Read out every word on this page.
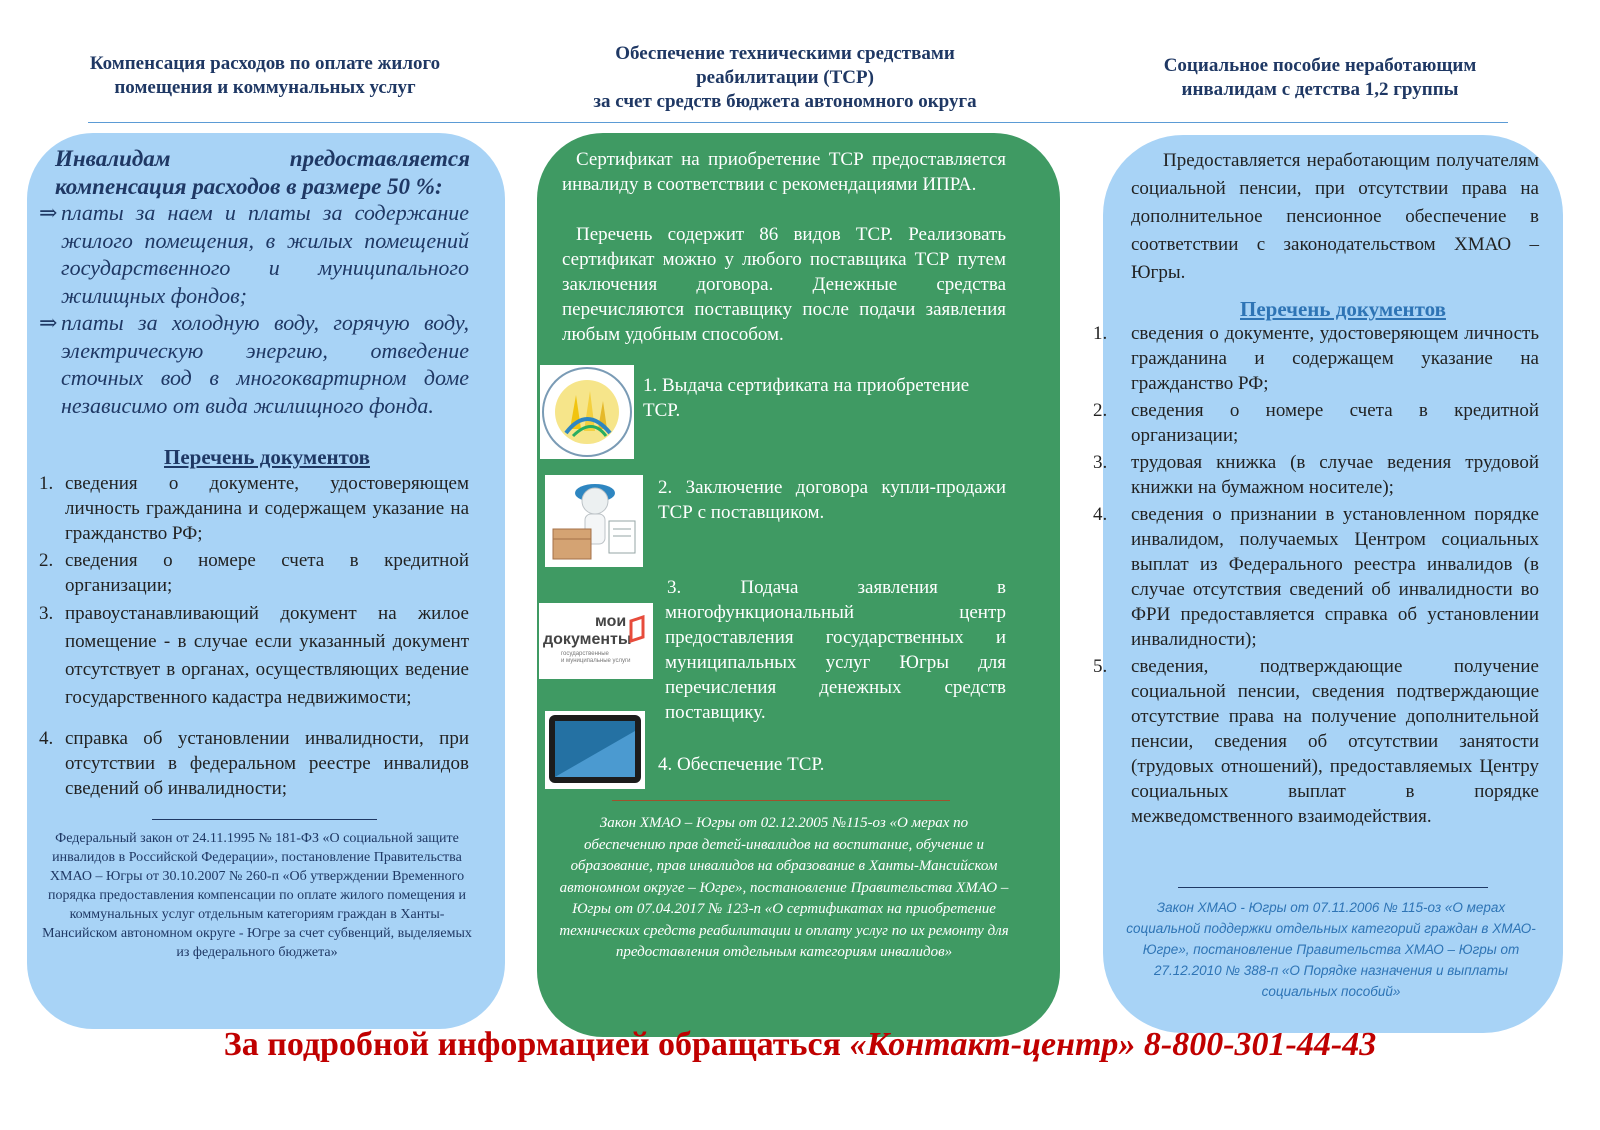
Компенсация расходов по оплате жилого помещения и коммунальных услуг
Обеспечение техническими средствами
реабилитации (ТСР)
за счет средств бюджета автономного округа
Социальное пособие неработающим
инвалидам с детства 1,2 группы

Инвалидам предоставляется компенсация расходов в размере 50 %:

⇒ платы за наем и платы за содержание жилого помещения, в жилых помещений государственного и муниципального жилищных фондов;
⇒ платы за холодную воду, горячую воду, электрическую энергию, отведение сточных вод в многоквартирном доме независимо от вида жилищного фонда.
Перечень документов
1. сведения о документе, удостоверяющем личность гражданина и содержащем указание на гражданство РФ;
2. сведения о номере счета в кредитной организации;
3. правоустанавливающий документ на жилое помещение - в случае если указанный документ отсутствует в органах, осуществляющих ведение государственного кадастра недвижимости;
4. справка об установлении инвалидности, при отсутствии в федеральном реестре инвалидов сведений об инвалидности;
Федеральный закон от 24.11.1995 № 181-ФЗ «О социальной защите инвалидов в Российской Федерации», постановление Правительства ХМАО – Югры от 30.10.2007 № 260-п «Об утверждении Временного порядка предоставления компенсации по оплате жилого помещения и коммунальных услуг отдельным категориям граждан в Ханты-Мансийском автономном округе - Югре за счет субвенций, выделяемых из федерального бюджета»

Сертификат на приобретение ТСР предоставляется инвалиду в соответствии с рекомендациями ИПРА.

Перечень содержит 86 видов ТСР. Реализовать сертификат можно у любого поставщика ТСР путем заключения договора. Денежные средства перечисляются поставщику после подачи заявления любым удобным способом.

1. Выдача сертификата на приобретение ТСР.

2. Заключение договора купли-продажи ТСР с поставщиком.

мои
документы
государственные
и муниципальные услуги

3. Подача заявления в многофункциональный центр предоставления государственных и муниципальных услуг Югры для перечисления денежных средств поставщику.

4. Обеспечение ТСР.

Закон ХМАО – Югры от 02.12.2005 №115-оз «О мерах по обеспечению прав детей-инвалидов на воспитание, обучение и образование, прав инвалидов на образование в Ханты-Мансийском автономном округе – Югре», постановление Правительства ХМАО – Югры от 07.04.2017 № 123-п «О сертификатах на приобретение технических средств реабилитации и оплату услуг по их ремонту для предоставления отдельным категориям инвалидов»

Предоставляется неработающим получателям социальной пенсии, при отсутствии права на дополнительное пенсионное обеспечение в соответствии с законодательством ХМАО – Югры.

Перечень документов
1.	сведения о документе, удостоверяющем личность гражданина и содержащем указание на гражданство РФ;
2.	сведения о номере счета в кредитной организации;
3.	трудовая книжка (в случае ведения трудовой книжки на бумажном носителе);
4.	сведения о признании в установленном порядке инвалидом, получаемых Центром социальных выплат из Федерального реестра инвалидов (в случае отсутствия сведений об инвалидности во ФРИ предоставляется справка об установлении инвалидности);
5.	сведения, подтверждающие получение социальной пенсии, сведения подтверждающие отсутствие права на получение дополнительной пенсии, сведения об отсутствии занятости (трудовых отношений), предоставляемых Центру социальных выплат в порядке межведомственного взаимодействия.
Закон ХМАО - Югры от 07.11.2006 № 115-оз «О мерах социальной поддержки отдельных категорий граждан в ХМАО-Югре», постановление Правительства ХМАО – Югры от 27.12.2010 № 388-п «О Порядке назначения и выплаты социальных пособий»
За подробной информацией обращаться «Контакт-центр» 8-800-301-44-43
